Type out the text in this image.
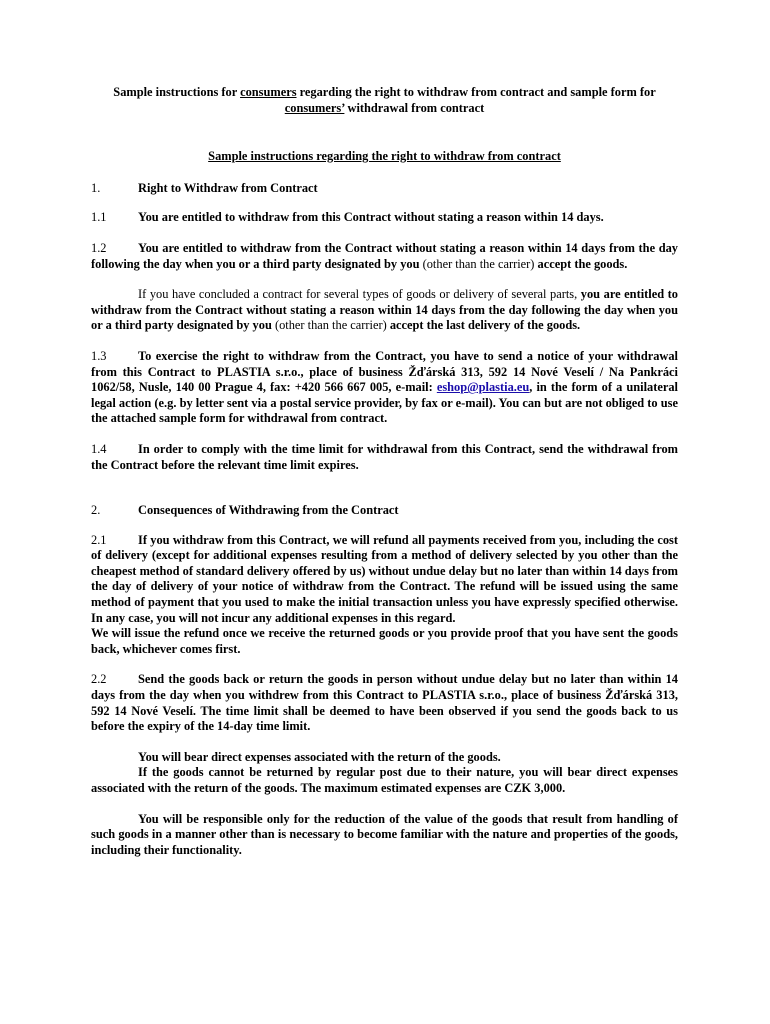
Sample instructions for consumers regarding the right to withdraw from contract and sample form for consumers’ withdrawal from contract

Sample instructions regarding the right to withdraw from contract

1.	Right to Withdraw from Contract

1.1	You are entitled to withdraw from this Contract without stating a reason within 14 days.

1.2	You are entitled to withdraw from the Contract without stating a reason within 14 days from the day following the day when you or a third party designated by you (other than the carrier) accept the goods.

If you have concluded a contract for several types of goods or delivery of several parts, you are entitled to withdraw from the Contract without stating a reason within 14 days from the day following the day when you or a third party designated by you (other than the carrier) accept the last delivery of the goods.

1.3	To exercise the right to withdraw from the Contract, you have to send a notice of your withdrawal from this Contract to PLASTIA s.r.o., place of business Žďárská 313, 592 14 Nové Veselí / Na Pankráci 1062/58, Nusle, 140 00 Prague 4, fax: +420 566 667 005, e-mail: eshop@plastia.eu, in the form of a unilateral legal action (e.g. by letter sent via a postal service provider, by fax or e-mail). You can but are not obliged to use the attached sample form for withdrawal from contract.

1.4	In order to comply with the time limit for withdrawal from this Contract, send the withdrawal from the Contract before the relevant time limit expires.

2.	Consequences of Withdrawing from the Contract

2.1	If you withdraw from this Contract, we will refund all payments received from you, including the cost of delivery (except for additional expenses resulting from a method of delivery selected by you other than the cheapest method of standard delivery offered by us) without undue delay but no later than within 14 days from the day of delivery of your notice of withdraw from the Contract. The refund will be issued using the same method of payment that you used to make the initial transaction unless you have expressly specified otherwise. In any case, you will not incur any additional expenses in this regard.

We will issue the refund once we receive the returned goods or you provide proof that you have sent the goods back, whichever comes first.

2.2	Send the goods back or return the goods in person without undue delay but no later than within 14 days from the day when you withdrew from this Contract to PLASTIA s.r.o., place of business Žďárská 313, 592 14 Nové Veselí. The time limit shall be deemed to have been observed if you send the goods back to us before the expiry of the 14-day time limit.

You will bear direct expenses associated with the return of the goods.

If the goods cannot be returned by regular post due to their nature, you will bear direct expenses associated with the return of the goods. The maximum estimated expenses are CZK 3,000.

You will be responsible only for the reduction of the value of the goods that result from handling of such goods in a manner other than is necessary to become familiar with the nature and properties of the goods, including their functionality.
